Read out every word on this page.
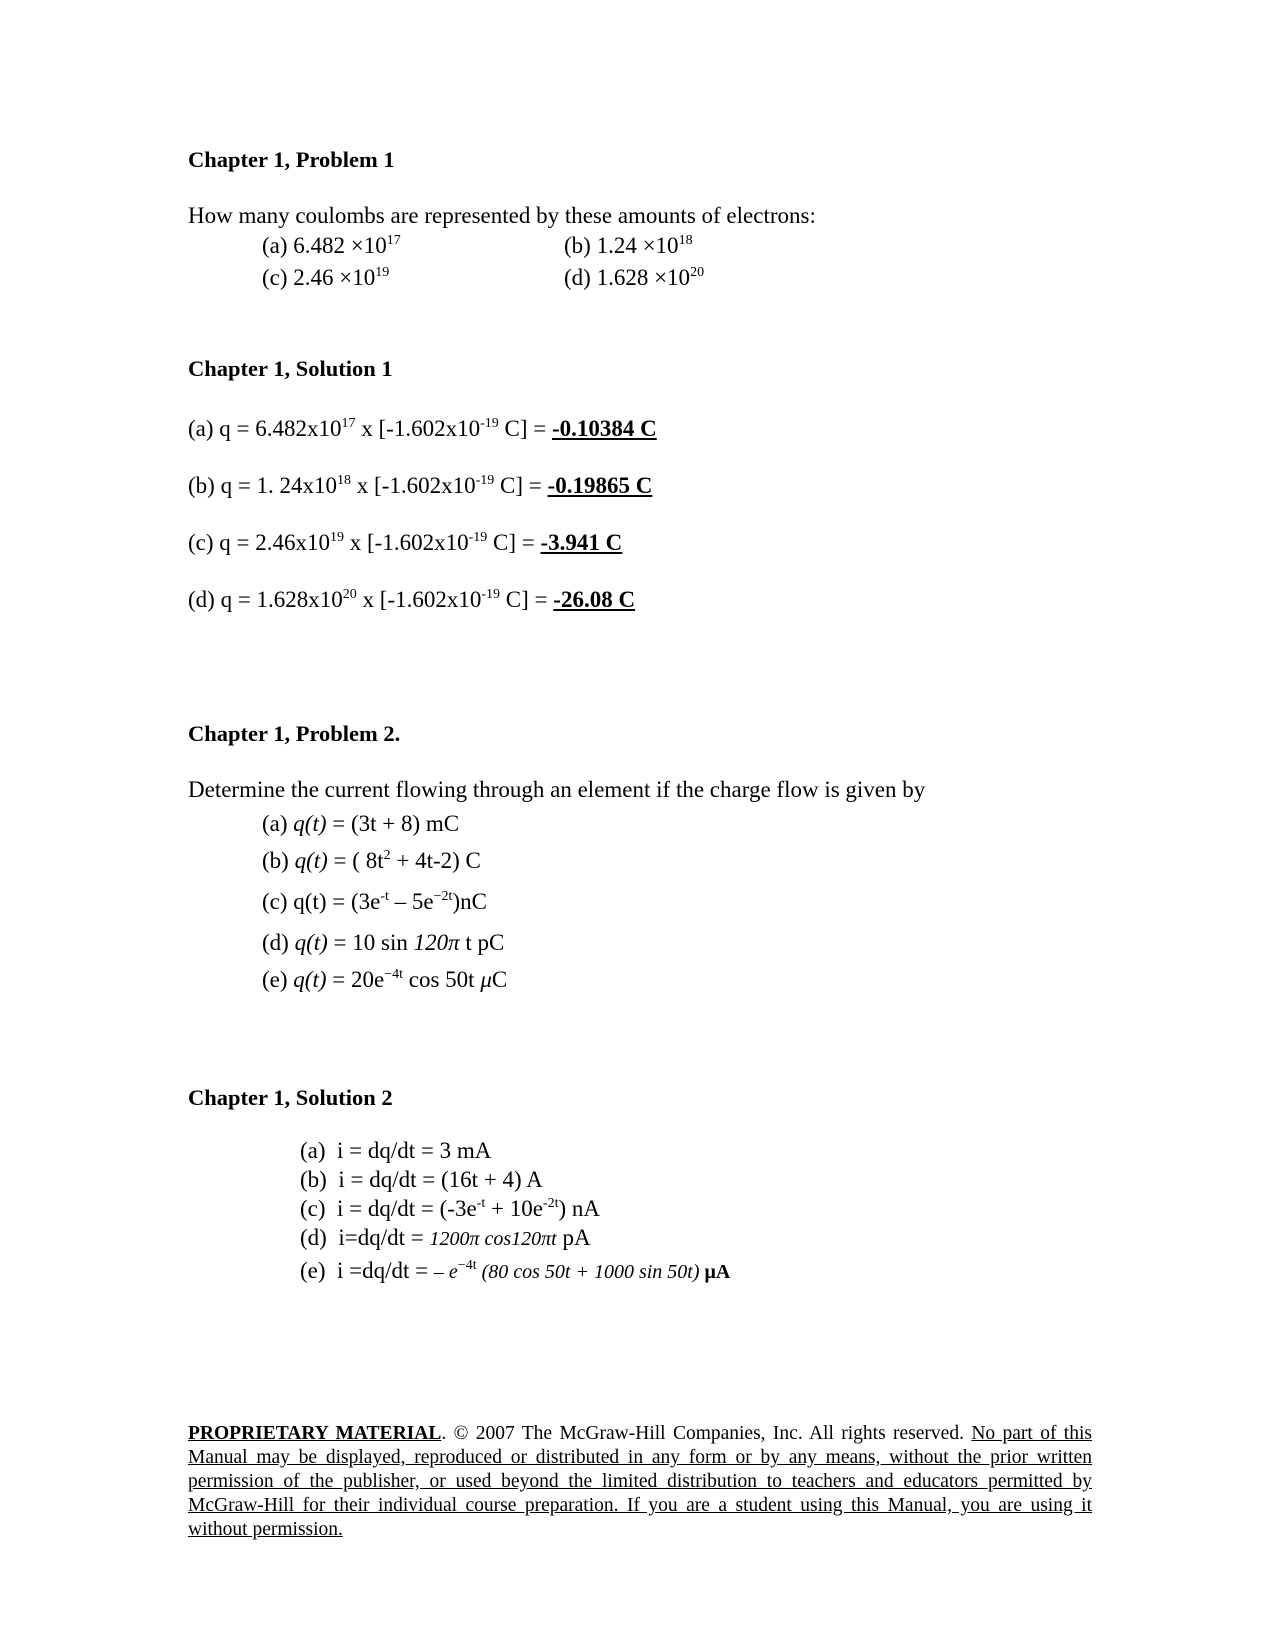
Chapter 1, Problem 1

How many coulombs are represented by these amounts of electrons:

(a) $6.482 \times 10^{17}$	(b) $1.24 \times 10^{18}$
(c) $2.46 \times 10^{19}$	(d) $1.628 \times 10^{20}$
Chapter 1, Solution 1
(a) $q = 6.482x10^{17}$ x [$-1.602x10^{-19}$ C] = -0.10384 C
(b) q = 1. $24x10^{18}$ x [$-1.602x10^{-19}$ C] = -0.19865 C
(c) $q = 2.46x10^{19}$ x [$-1.602x10^{-19}$ C] = -3.941 C
(d) $q = 1.628x10^{20}$ x [$-1.602x10^{-19}$ C] = -26.08 C
Chapter 1, Problem 2.

Determine the current flowing through an element if the charge flow is given by

(a) q(t) = (3t + 8) mC
(b) q(t) = ( $8t^2 + 4t-2$) C
(c) $q(t) = (3e^{-t} - 5e^{-2t})nC$
(d) q(t) = 10 sin 120π t pC
(e) $q(t) = 20e^{-4t}$ cos 50t μC
Chapter 1, Solution 2
(a) i = dq/dt = 3 mA
(b) i = dq/dt = (16t + 4) A
(c) $i = dq/dt = (-3e^{-t} + 10e^{-2t})$ nA
(d) i=dq/dt = 1200π cos120πt pA
(e) i =dq/dt = – $e^{-4t}$ (80 cos 50t + 1000 sin 50t) μA

PROPRIETARY MATERIAL. © 2007 The McGraw-Hill Companies, Inc. All rights reserved. No part of this Manual may be displayed, reproduced or distributed in any form or by any means, without the prior written permission of the publisher, or used beyond the limited distribution to teachers and educators permitted by McGraw-Hill for their individual course preparation. If you are a student using this Manual, you are using it without permission.
